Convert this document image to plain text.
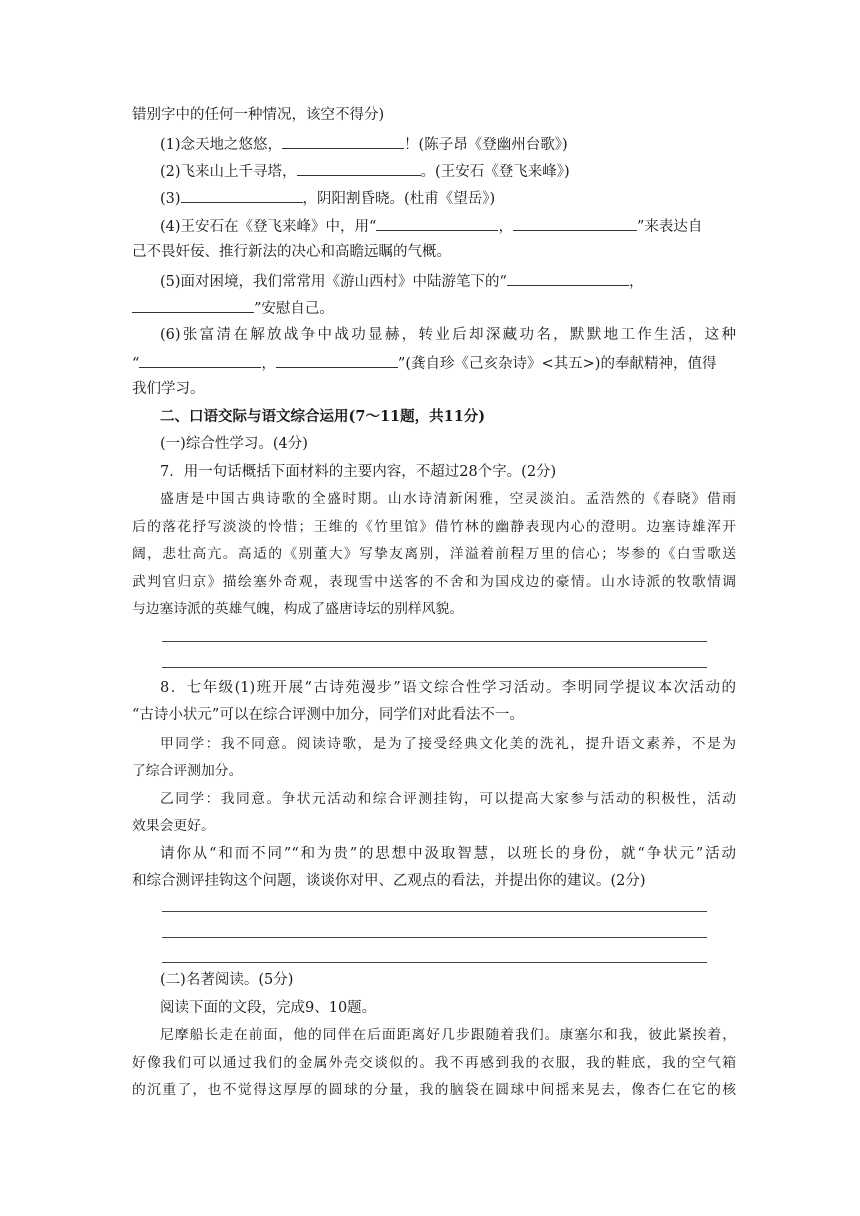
错别字中的任何一种情况，该空不得分)
(1)念天地之悠悠，	！(陈子昂《登幽州台歌》)
(2)飞来山上千寻塔，	。(王安石《登飞来峰》)
(3)	，阴阳割昏晓。(杜甫《望岳》)
(4)王安石在《登飞来峰》中，用“	，	”来表达自
己不畏奸佞、推行新法的决心和高瞻远瞩的气概。
(5)面对困境，我们常常用《游山西村》中陆游笔下的“	，
”安慰自己。
(6)张富清在解放战争中战功显赫，转业后却深藏功名，默默地工作生活，这种
“	，	”(龚自珍《己亥杂诗》<其五>)的奉献精神，值得
我们学习。
二、口语交际与语文综合运用(7～11题，共11分)
(一)综合性学习。(4分)
7．用一句话概括下面材料的主要内容，不超过28个字。(2分)
盛唐是中国古典诗歌的全盛时期。山水诗清新闲雅，空灵淡泊。孟浩然的《春晓》借雨
后的落花抒写淡淡的怜惜；王维的《竹里馆》借竹林的幽静表现内心的澄明。边塞诗雄浑开
阔，悲壮高亢。高适的《别董大》写挚友离别，洋溢着前程万里的信心；岑参的《白雪歌送
武判官归京》描绘塞外奇观，表现雪中送客的不舍和为国戍边的豪情。山水诗派的牧歌情调
与边塞诗派的英雄气魄，构成了盛唐诗坛的别样风貌。
8．七年级(1)班开展“古诗苑漫步”语文综合性学习活动。李明同学提议本次活动的
“古诗小状元”可以在综合评测中加分，同学们对此看法不一。
甲同学：我不同意。阅读诗歌，是为了接受经典文化美的洗礼，提升语文素养，不是为
了综合评测加分。
乙同学：我同意。争状元活动和综合评测挂钩，可以提高大家参与活动的积极性，活动
效果会更好。
请你从“和而不同”“和为贵”的思想中汲取智慧，以班长的身份，就“争状元”活动
和综合测评挂钩这个问题，谈谈你对甲、乙观点的看法，并提出你的建议。(2分)
(二)名著阅读。(5分)
阅读下面的文段，完成9、10题。
尼摩船长走在前面，他的同伴在后面距离好几步跟随着我们。康塞尔和我，彼此紧挨着，
好像我们可以通过我们的金属外壳交谈似的。我不再感到我的衣服，我的鞋底，我的空气箱
的沉重了，也不觉得这厚厚的圆球的分量，我的脑袋在圆球中间摇来晃去，像杏仁在它的核
